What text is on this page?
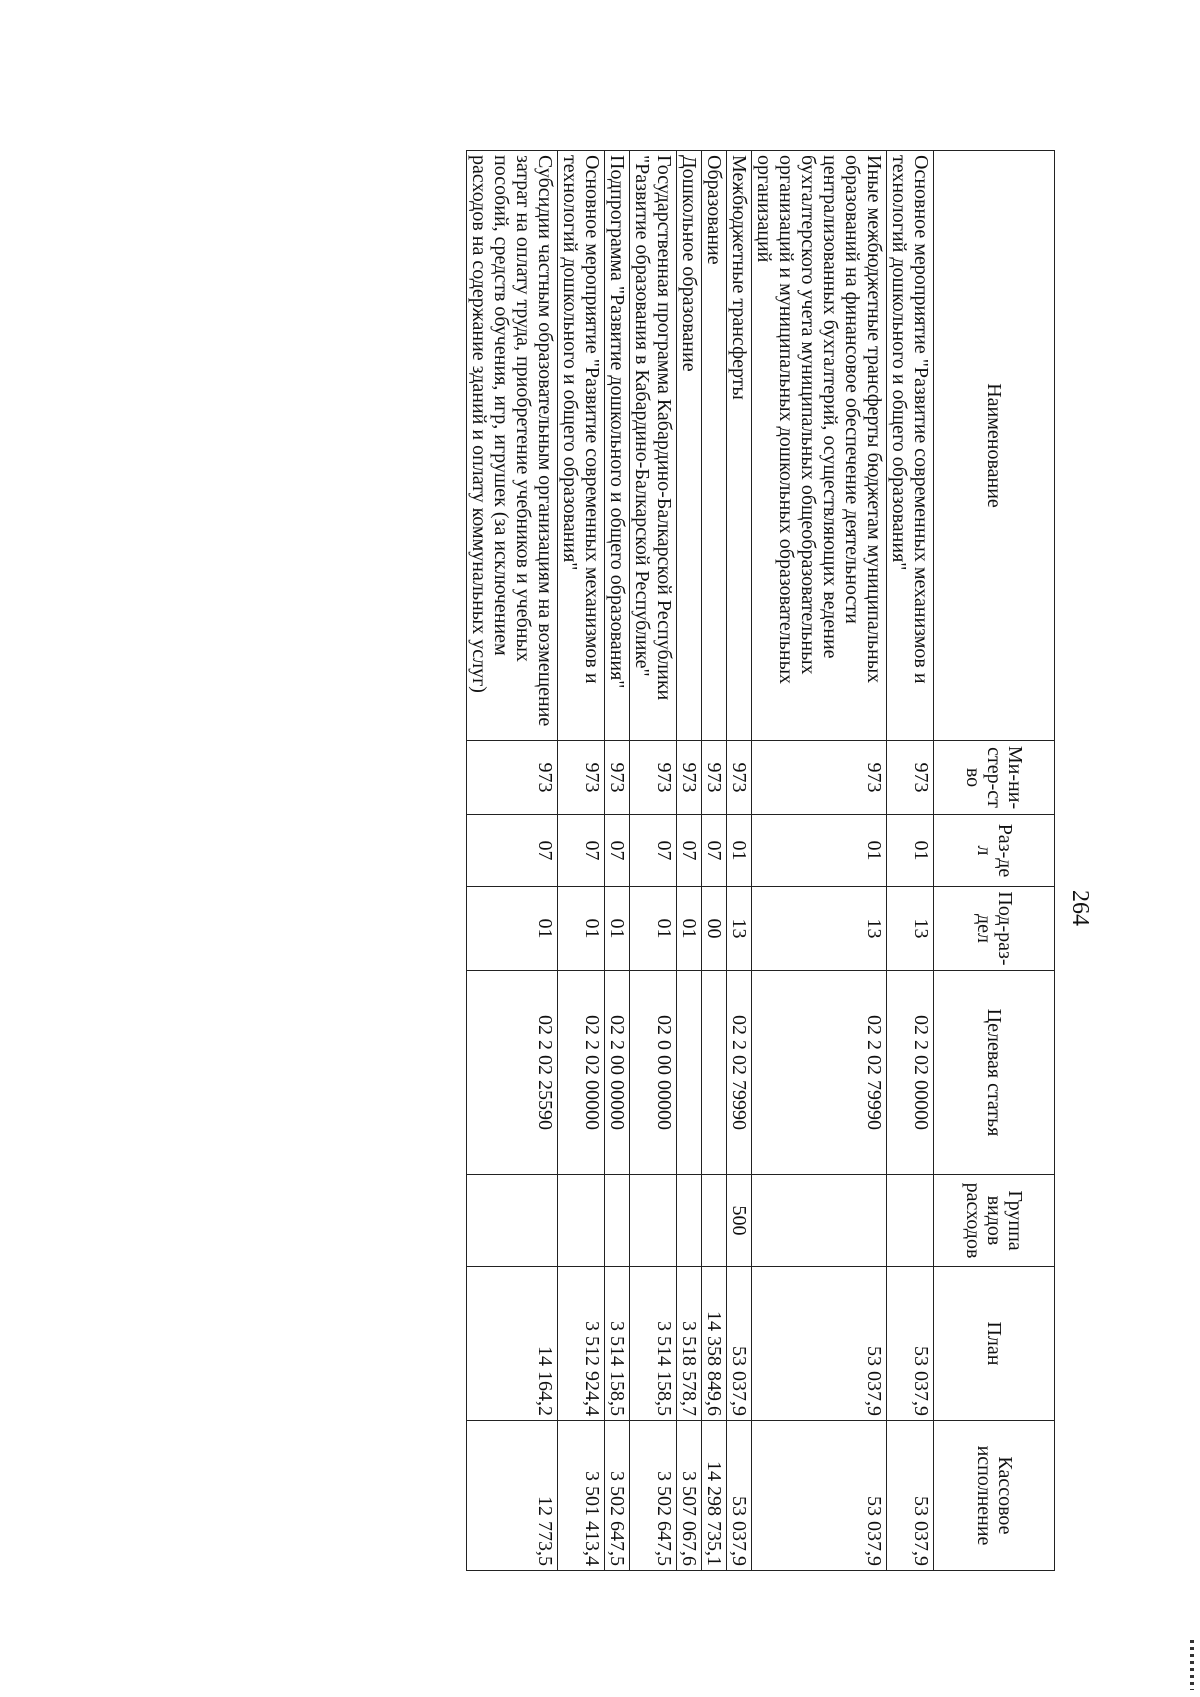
264
Наименование	Ми-ни-стер-ство	Раз-дел	Под-раз-дел	Целевая статья	Группа видов расходов	План	Кассовое исполнение
Основное мероприятие "Развитие современных механизмов и технологий дошкольного и общего образования"	973	01	13	02 2 02 00000		53 037,9	53 037,9
Иные межбюджетные трансферты бюджетам муниципальных образований на финансовое обеспечение деятельности централизованных бухгалтерий, осуществляющих ведение бухгалтерского учета муниципальных общеобразовательных организаций и муниципальных дошкольных образовательных организаций	973	01	13	02 2 02 79990		53 037,9	53 037,9
Межбюджетные трансферты	973	01	13	02 2 02 79990	500	53 037,9	53 037,9
Образование	973	07	00			14 358 849,6	14 298 735,1
Дошкольное образование	973	07	01			3 518 578,7	3 507 067,6
Государственная программа Кабардино-Балкарской Республики "Развитие образования в Кабардино-Балкарской Республике"	973	07	01	02 0 00 00000		3 514 158,5	3 502 647,5
Подпрограмма "Развитие дошкольного и общего образования"	973	07	01	02 2 00 00000		3 514 158,5	3 502 647,5
Основное мероприятие "Развитие современных механизмов и технологий дошкольного и общего образования"	973	07	01	02 2 02 00000		3 512 924,4	3 501 413,4
Субсидии частным образовательным организациям на возмещение затрат на оплату труда, приобретение учебников и учебных пособий, средств обучения, игр, игрушек (за исключением расходов на содержание зданий и оплату коммунальных услуг)	973	07	01	02 2 02 25590		14 164,2	12 773,5
